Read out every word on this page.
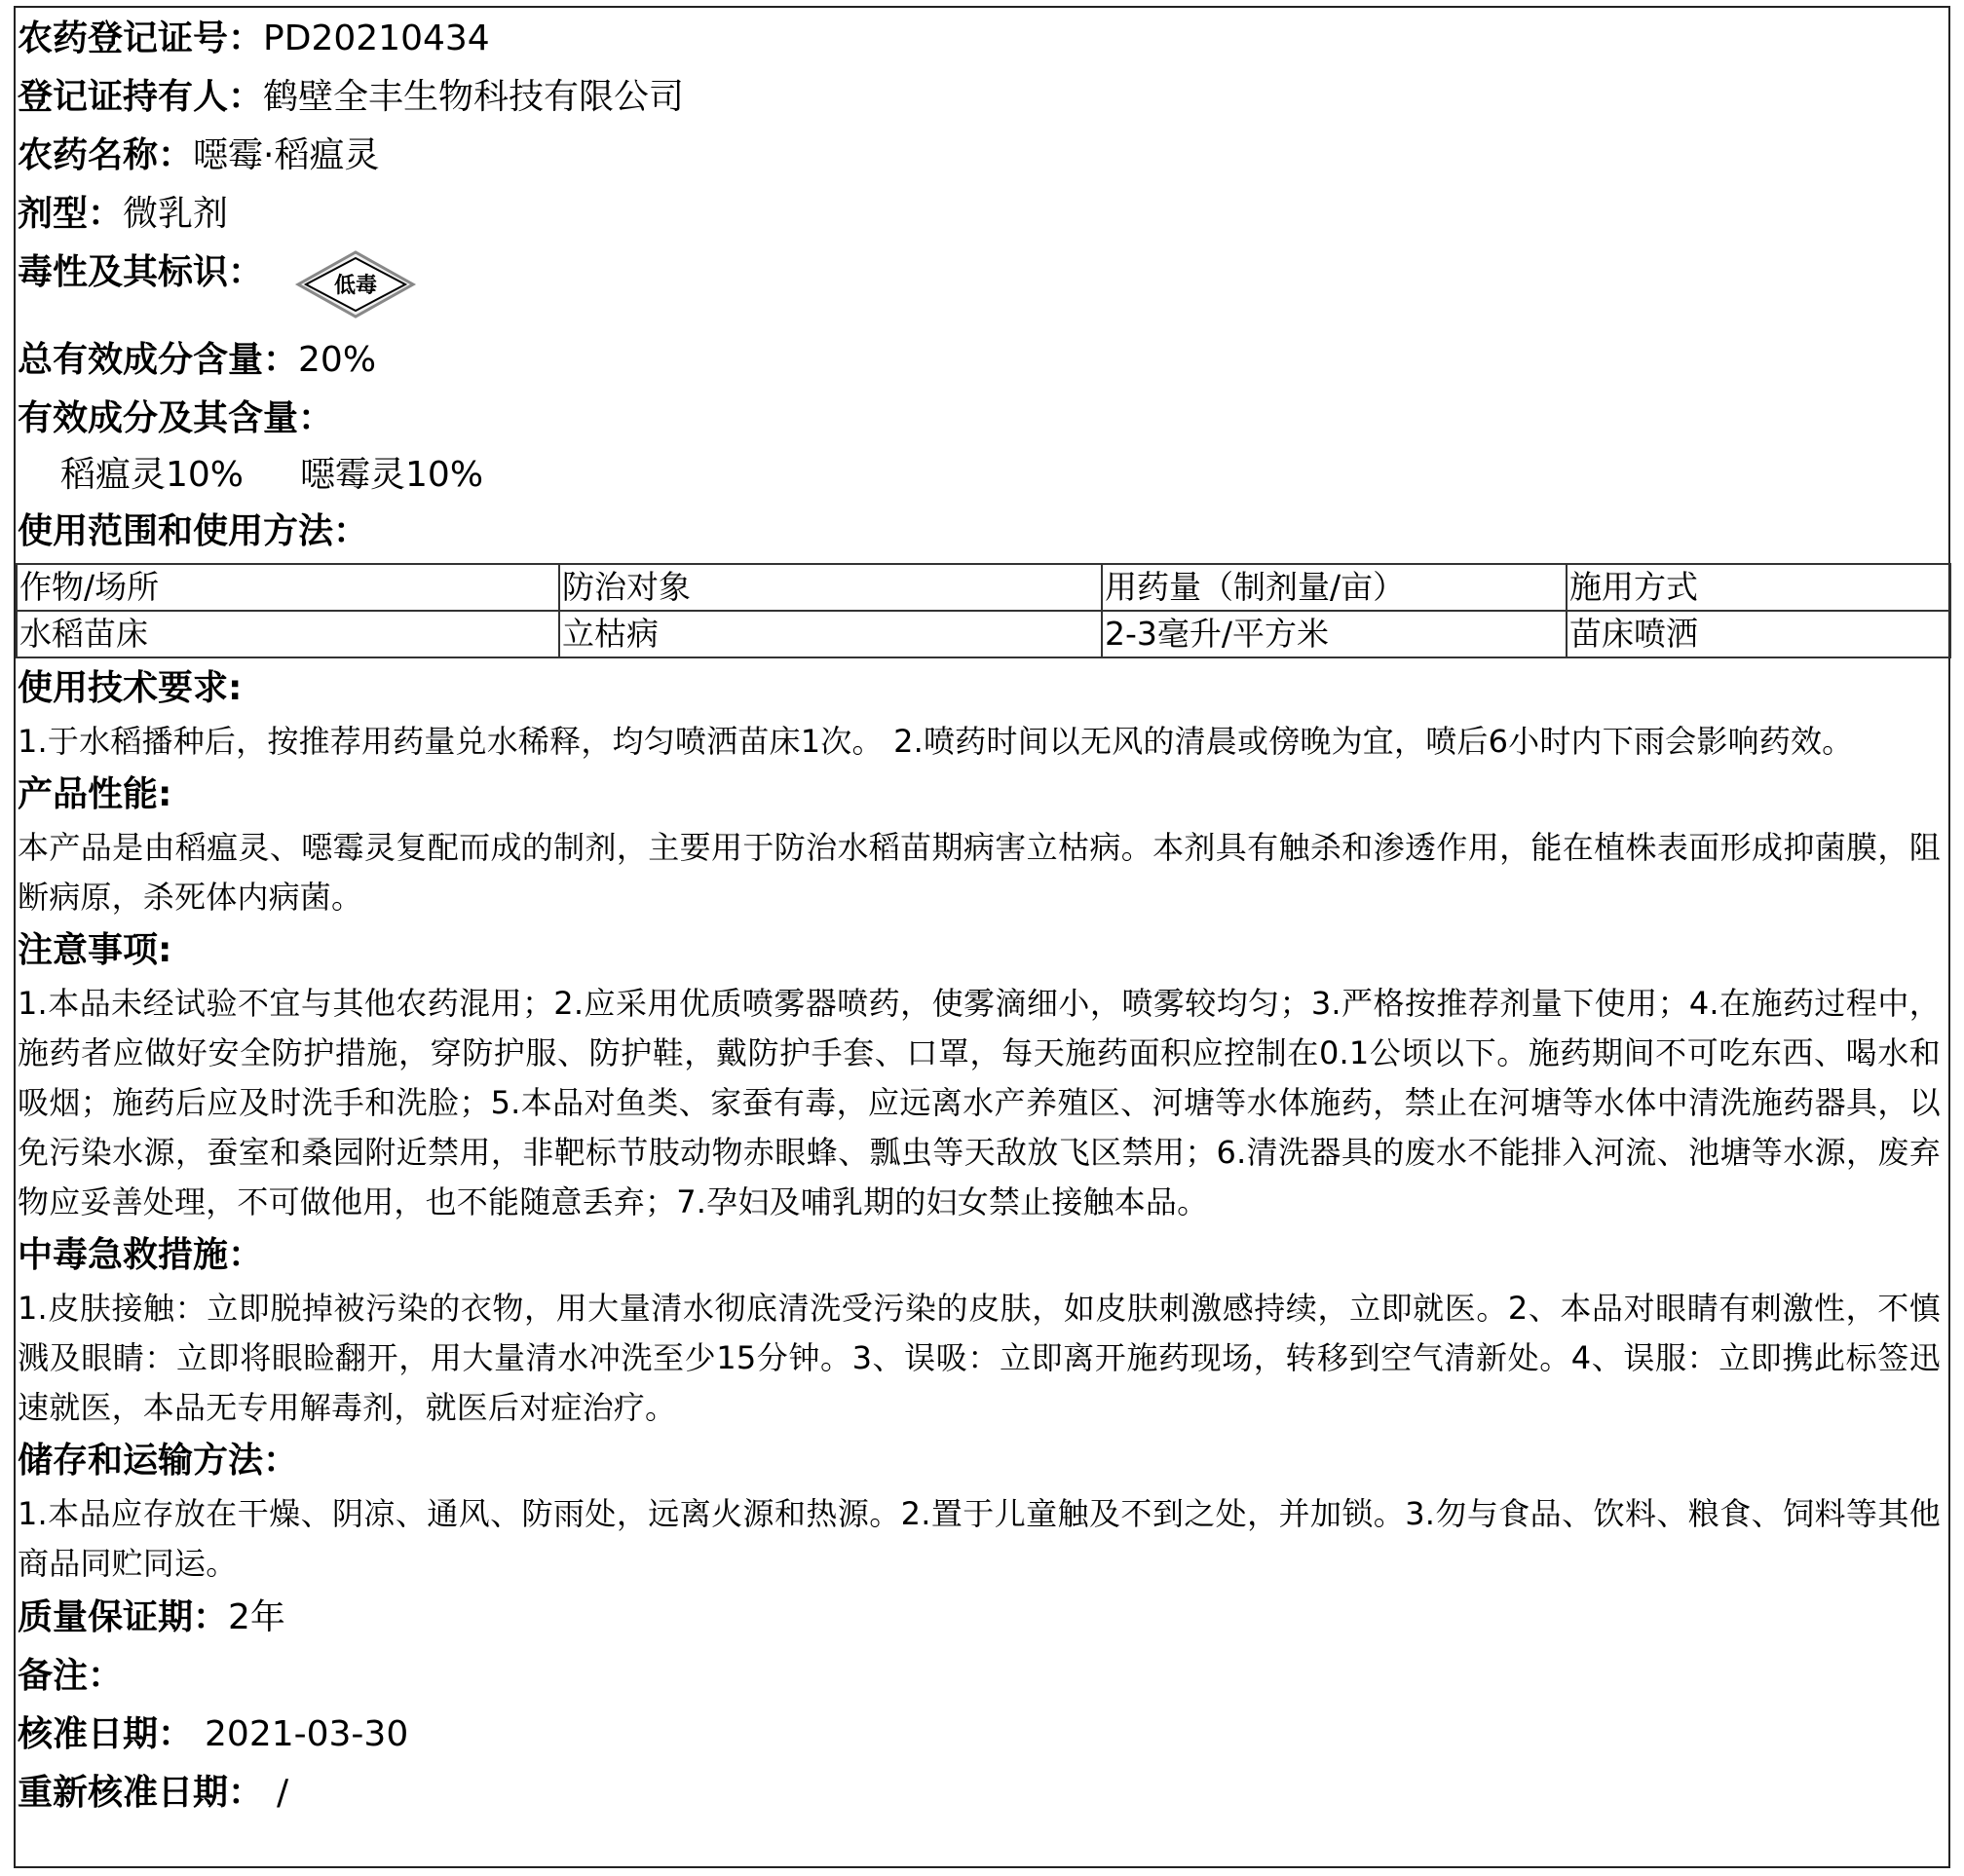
农药登记证号：PD20210434
登记证持有人：鹤壁全丰生物科技有限公司
农药名称：噁霉·稻瘟灵
剂型：微乳剂
毒性及其标识：	低毒
总有效成分含量：20%
有效成分及其含量：
稻瘟灵10% 噁霉灵10%
使用范围和使用方法：
作物/场所	防治对象	用药量（制剂量/亩）	施用方式
水稻苗床	立枯病	2-3毫升/平方米	苗床喷洒
使用技术要求:

1.于水稻播种后，按推荐用药量兑水稀释，均匀喷洒苗床1次。 2.喷药时间以无风的清晨或傍晚为宜，喷后6小时内下雨会影响药效。

产品性能:

本产品是由稻瘟灵、噁霉灵复配而成的制剂，主要用于防治水稻苗期病害立枯病。本剂具有触杀和渗透作用，能在植株表面形成抑菌膜，阻断病原，杀死体内病菌。

注意事项:

1.本品未经试验不宜与其他农药混用；2.应采用优质喷雾器喷药，使雾滴细小，喷雾较均匀；3.严格按推荐剂量下使用；4.在施药过程中，施药者应做好安全防护措施，穿防护服、防护鞋，戴防护手套、口罩，每天施药面积应控制在0.1公顷以下。施药期间不可吃东西、喝水和吸烟；施药后应及时洗手和洗脸；5.本品对鱼类、家蚕有毒，应远离水产养殖区、河塘等水体施药，禁止在河塘等水体中清洗施药器具，以免污染水源，蚕室和桑园附近禁用，非靶标节肢动物赤眼蜂、瓢虫等天敌放飞区禁用；6.清洗器具的废水不能排入河流、池塘等水源，废弃物应妥善处理，不可做他用，也不能随意丢弃；7.孕妇及哺乳期的妇女禁止接触本品。

中毒急救措施：

1.皮肤接触：立即脱掉被污染的衣物，用大量清水彻底清洗受污染的皮肤，如皮肤刺激感持续，立即就医。2、本品对眼睛有刺激性，不慎溅及眼睛：立即将眼睑翻开，用大量清水冲洗至少15分钟。3、误吸：立即离开施药现场，转移到空气清新处。4、误服：立即携此标签迅速就医，本品无专用解毒剂，就医后对症治疗。

储存和运输方法：

1.本品应存放在干燥、阴凉、通风、防雨处，远离火源和热源。2.置于儿童触及不到之处，并加锁。3.勿与食品、饮料、粮食、饲料等其他商品同贮同运。

质量保证期：2年
备注：
核准日期： 2021-03-30
重新核准日期： /
